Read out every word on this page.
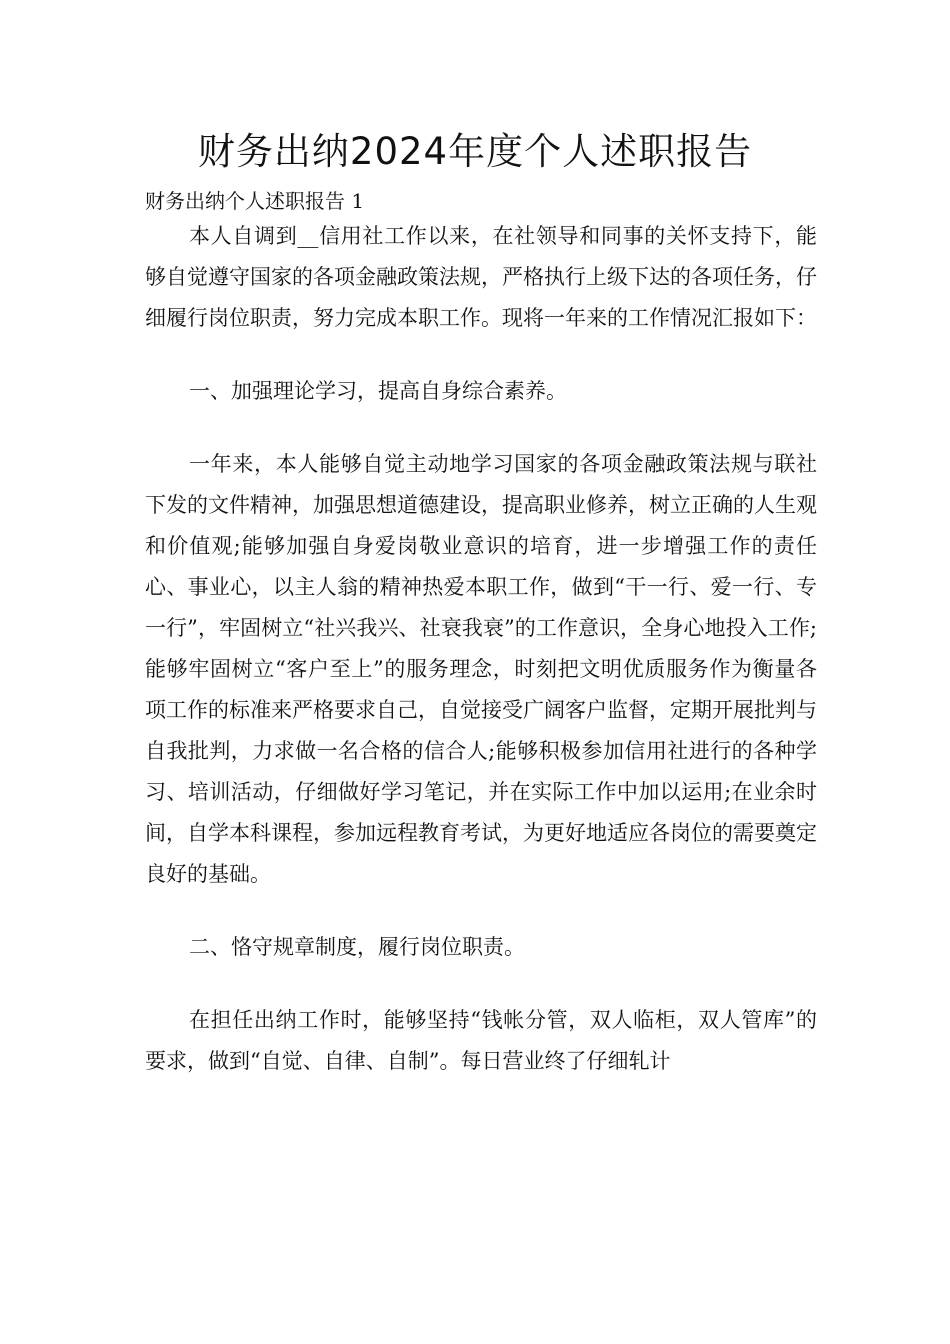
财务出纳2024年度个人述职报告

财务出纳个人述职报告 1

本人自调到__信用社工作以来，在社领导和同事的关怀支持下，能够自觉遵守国家的各项金融政策法规，严格执行上级下达的各项任务，仔细履行岗位职责，努力完成本职工作。现将一年来的工作情况汇报如下：

一、加强理论学习，提高自身综合素养。

一年来，本人能够自觉主动地学习国家的各项金融政策法规与联社下发的文件精神，加强思想道德建设，提高职业修养，树立正确的人生观和价值观;能够加强自身爱岗敬业意识的培育，进一步增强工作的责任心、事业心，以主人翁的精神热爱本职工作，做到“干一行、爱一行、专一行”，牢固树立“社兴我兴、社衰我衰”的工作意识，全身心地投入工作;能够牢固树立“客户至上”的服务理念，时刻把文明优质服务作为衡量各项工作的标准来严格要求自己，自觉接受广阔客户监督，定期开展批判与自我批判，力求做一名合格的信合人;能够积极参加信用社进行的各种学习、培训活动，仔细做好学习笔记，并在实际工作中加以运用;在业余时间，自学本科课程，参加远程教育考试，为更好地适应各岗位的需要奠定良好的基础。

二、恪守规章制度，履行岗位职责。

在担任出纳工作时，能够坚持“钱帐分管，双人临柜，双人管库”的要求，做到“自觉、自律、自制”。每日营业终了仔细轧计
